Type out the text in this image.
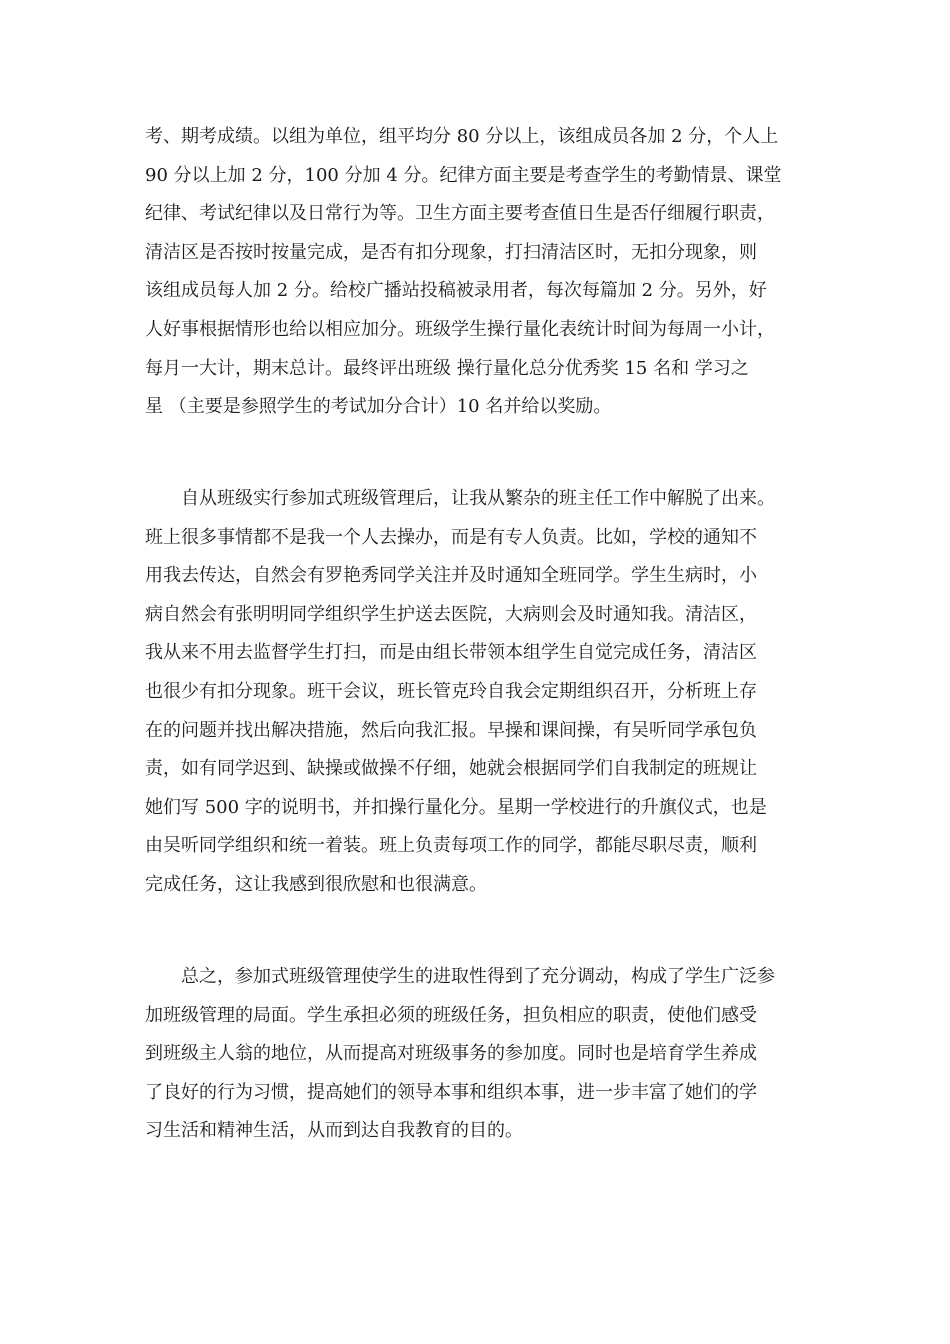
考、期考成绩。以组为单位，组平均分 80 分以上，该组成员各加 2 分，个人上
90 分以上加 2 分，100 分加 4 分。纪律方面主要是考查学生的考勤情景、课堂
纪律、考试纪律以及日常行为等。卫生方面主要考查值日生是否仔细履行职责，
清洁区是否按时按量完成，是否有扣分现象，打扫清洁区时，无扣分现象，则
该组成员每人加 2 分。给校广播站投稿被录用者，每次每篇加 2 分。另外，好
人好事根据情形也给以相应加分。班级学生操行量化表统计时间为每周一小计，
每月一大计，期末总计。最终评出班级 操行量化总分优秀奖 15 名和 学习之
星 （主要是参照学生的考试加分合计）10 名并给以奖励。
　　自从班级实行参加式班级管理后，让我从繁杂的班主任工作中解脱了出来。
班上很多事情都不是我一个人去操办，而是有专人负责。比如，学校的通知不
用我去传达，自然会有罗艳秀同学关注并及时通知全班同学。学生生病时，小
病自然会有张明明同学组织学生护送去医院，大病则会及时通知我。清洁区，
我从来不用去监督学生打扫，而是由组长带领本组学生自觉完成任务，清洁区
也很少有扣分现象。班干会议，班长管克玲自我会定期组织召开，分析班上存
在的问题并找出解决措施，然后向我汇报。早操和课间操，有吴听同学承包负
责，如有同学迟到、缺操或做操不仔细，她就会根据同学们自我制定的班规让
她们写 500 字的说明书，并扣操行量化分。星期一学校进行的升旗仪式，也是
由吴听同学组织和统一着装。班上负责每项工作的同学，都能尽职尽责，顺利
完成任务，这让我感到很欣慰和也很满意。
　　总之，参加式班级管理使学生的进取性得到了充分调动，构成了学生广泛参
加班级管理的局面。学生承担必须的班级任务，担负相应的职责，使他们感受
到班级主人翁的地位，从而提高对班级事务的参加度。同时也是培育学生养成
了良好的行为习惯，提高她们的领导本事和组织本事，进一步丰富了她们的学
习生活和精神生活，从而到达自我教育的目的。
